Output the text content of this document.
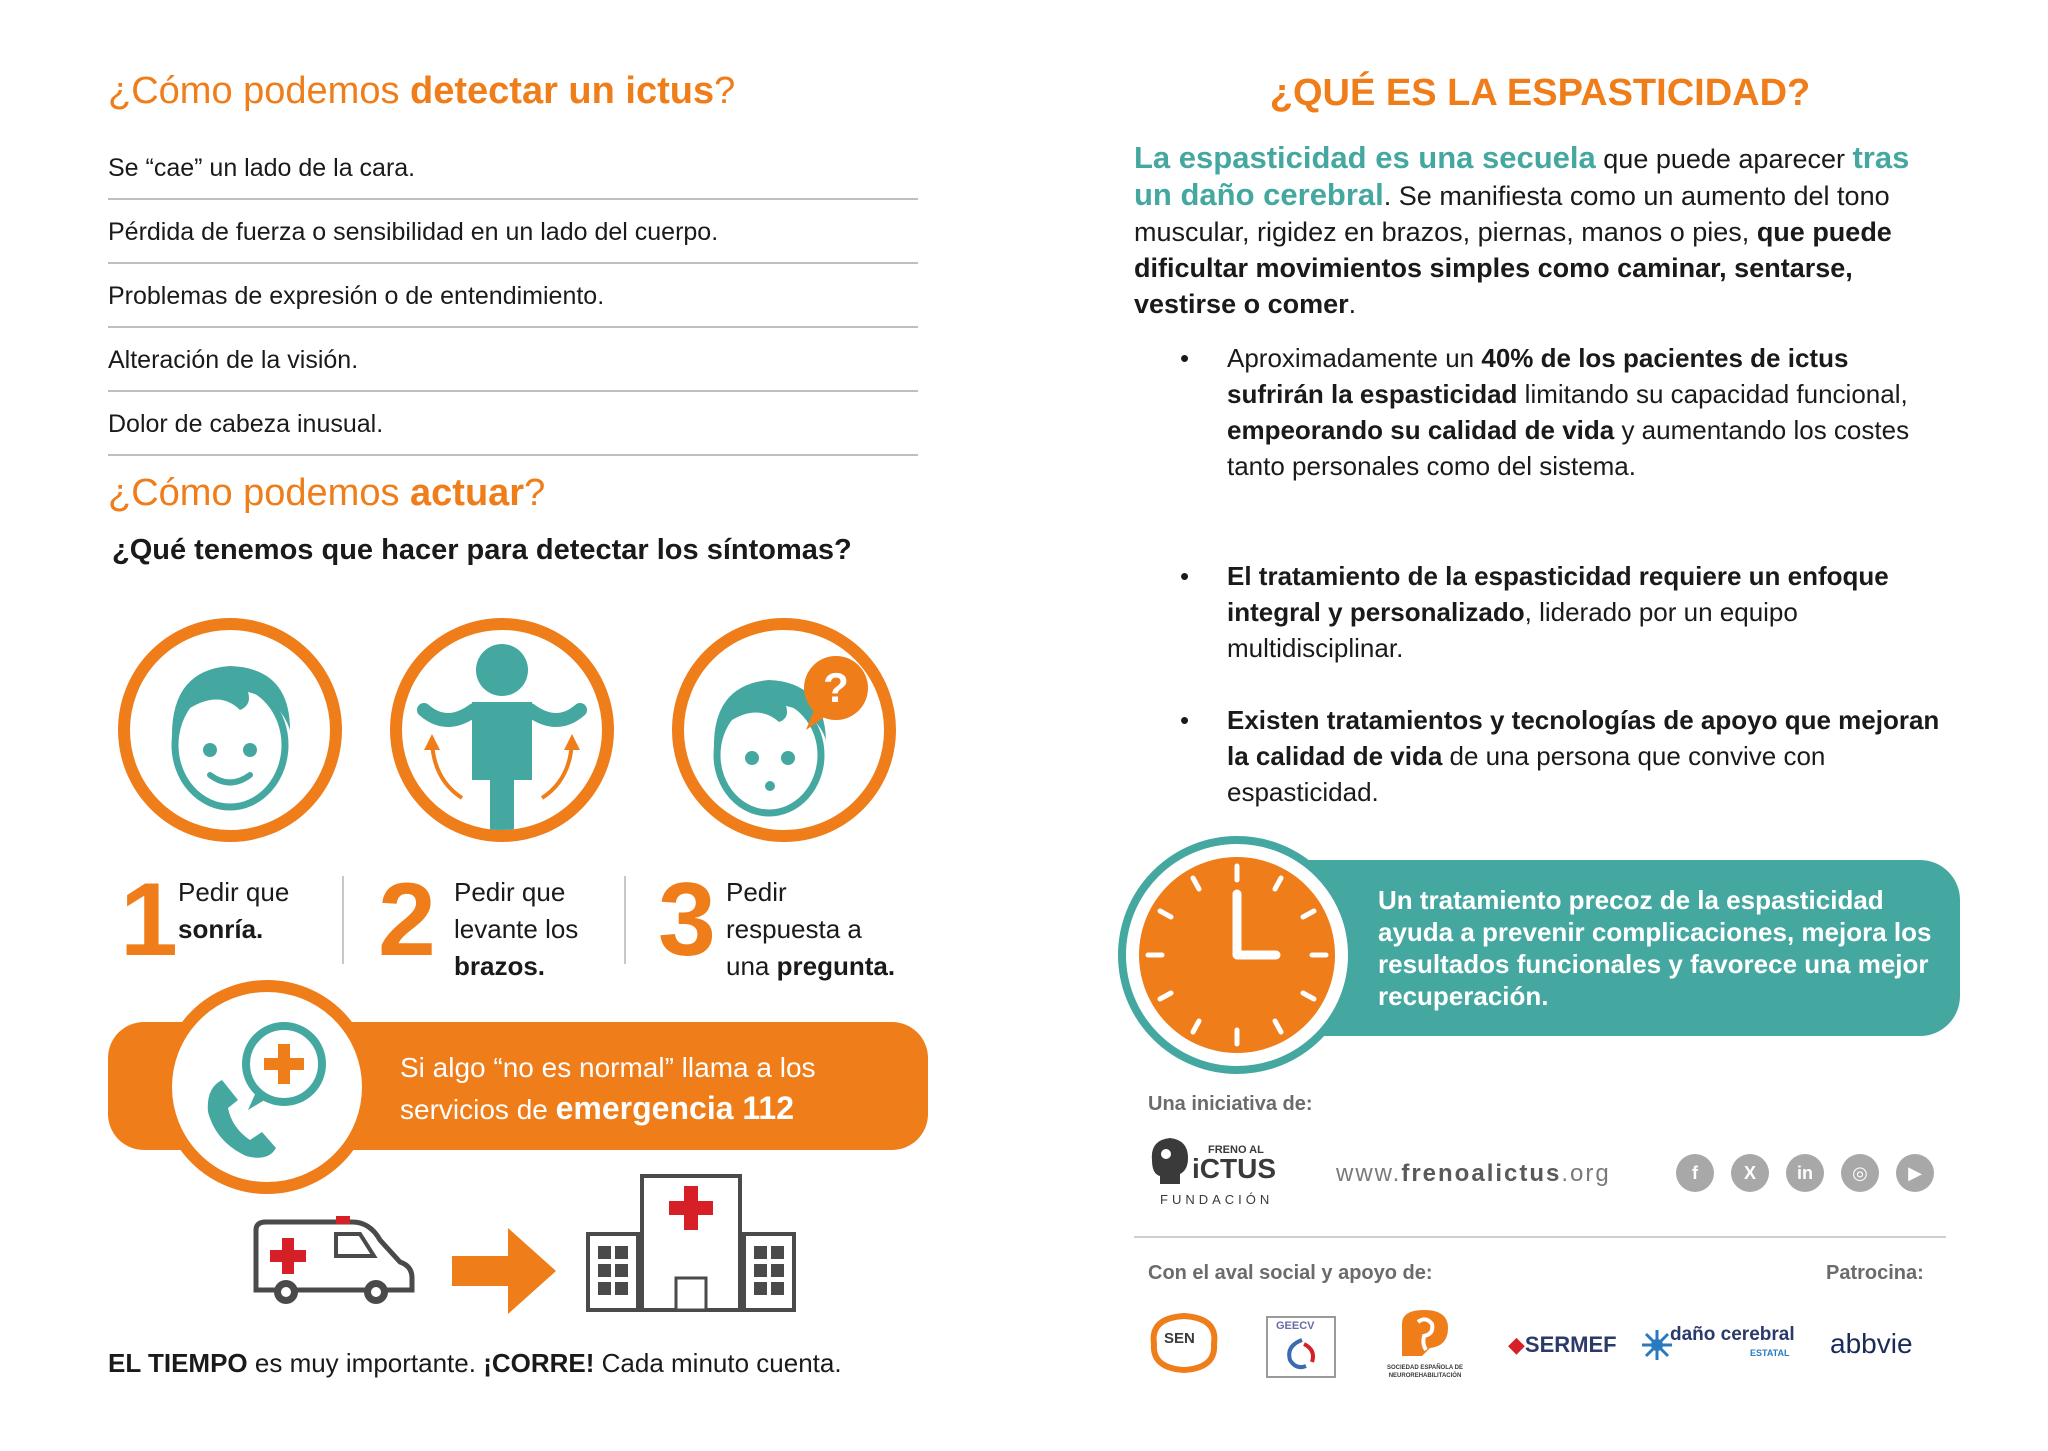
¿Cómo podemos detectar un ictus?
Se “cae” un lado de la cara.
Pérdida de fuerza o sensibilidad en un lado del cuerpo.
Problemas de expresión o de entendimiento.
Alteración de la visión.
Dolor de cabeza inusual.
¿Cómo podemos actuar?
¿Qué tenemos que hacer para detectar los síntomas?
?
1 Pedir que
sonría. 2 Pedir que
levante los
brazos.	3 Pedir
respuesta a
una pregunta.
Si algo “no es normal” llama a los
servicios de emergencia 112
EL TIEMPO es muy importante. ¡CORRE! Cada minuto cuenta.
¿QUÉ ES LA ESPASTICIDAD?
La espasticidad es una secuela que puede aparecer tras un daño cerebral. Se manifiesta como un aumento del tono muscular, rigidez en brazos, piernas, manos o pies, que puede dificultar movimientos simples como caminar, sentarse, vestirse o comer.
• Aproximadamente un 40% de los pacientes de ictus sufrirán la espasticidad limitando su capacidad funcional, empeorando su calidad de vida y aumentando los costes tanto personales como del sistema.
• El tratamiento de la espasticidad requiere un enfoque integral y personalizado, liderado por un equipo multidisciplinar.
• Existen tratamientos y tecnologías de apoyo que mejoran la calidad de vida de una persona que convive con espasticidad.
Un tratamiento precoz de la espasticidad ayuda a prevenir complicaciones, mejora los resultados funcionales y favorece una mejor recuperación.
Una iniciativa de:
FRENO AL
iCTUS
FUNDACIÓN
www.frenoalictus.org	f	X	in	◎	▶
Con el aval social y apoyo de:	Patrocina:
SEN
GEECV
SOCIEDAD ESPAÑOLA DE NEUROREHABILITACIÓN
◆SERMEF	daño cerebral
ESTATAL abbvie
